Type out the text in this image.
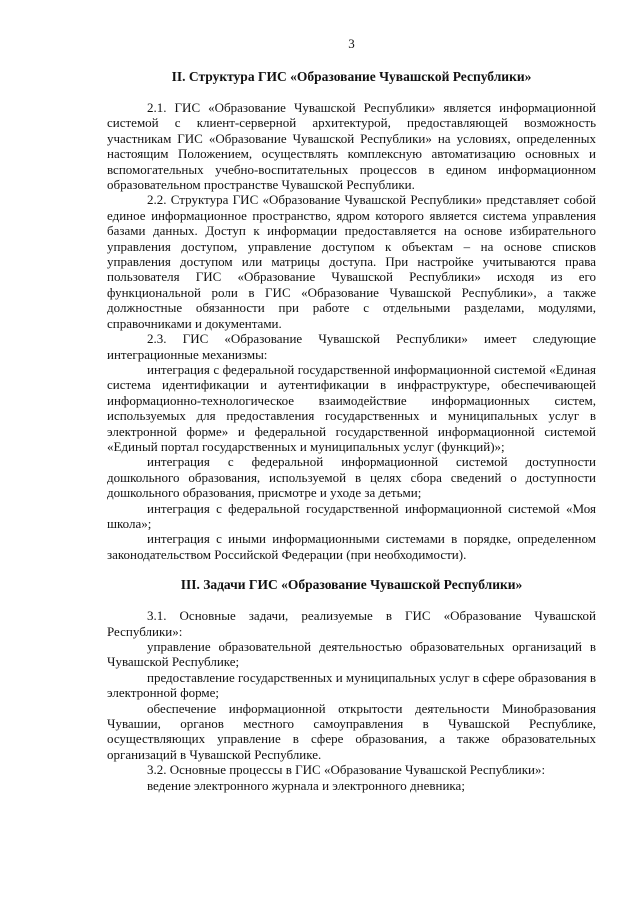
3
II. Структура ГИС «Образование Чувашской Республики»

2.1. ГИС «Образование Чувашской Республики» является информационной системой с клиент-серверной архитектурой, предоставляющей возможность участникам ГИС «Образование Чувашской Республики» на условиях, определенных настоящим Положением, осуществлять комплексную автоматизацию основных и вспомогательных учебно-воспитательных процессов в едином информационном образовательном пространстве Чувашской Республики.

2.2. Структура ГИС «Образование Чувашской Республики» представляет собой единое информационное пространство, ядром которого является система управления базами данных. Доступ к информации предоставляется на основе избирательного управления доступом, управление доступом к объектам – на основе списков управления доступом или матрицы доступа. При настройке учитываются права пользователя ГИС «Образование Чувашской Республики» исходя из его функциональной роли в ГИС «Образование Чувашской Республики», а также должностные обязанности при работе с отдельными разделами, модулями, справочниками и документами.

2.3. ГИС «Образование Чувашской Республики» имеет следующие интеграционные механизмы:

интеграция с федеральной государственной информационной системой «Единая система идентификации и аутентификации в инфраструктуре, обеспечивающей информационно-технологическое взаимодействие информационных систем, используемых для предоставления государственных и муниципальных услуг в электронной форме» и федеральной государственной информационной системой «Единый портал государственных и муниципальных услуг (функций)»;

интеграция с федеральной информационной системой доступности дошкольного образования, используемой в целях сбора сведений о доступности дошкольного образования, присмотре и уходе за детьми;

интеграция с федеральной государственной информационной системой «Моя школа»;

интеграция с иными информационными системами в порядке, определенном законодательством Российской Федерации (при необходимости).

III. Задачи ГИС «Образование Чувашской Республики»

3.1. Основные задачи, реализуемые в ГИС «Образование Чувашской Республики»:

управление образовательной деятельностью образовательных организаций в Чувашской Республике;

предоставление государственных и муниципальных услуг в сфере образования в электронной форме;

обеспечение информационной открытости деятельности Минобразования Чувашии, органов местного самоуправления в Чувашской Республике, осуществляющих управление в сфере образования, а также образовательных организаций в Чувашской Республике.

3.2. Основные процессы в ГИС «Образование Чувашской Республики»:

ведение электронного журнала и электронного дневника;
